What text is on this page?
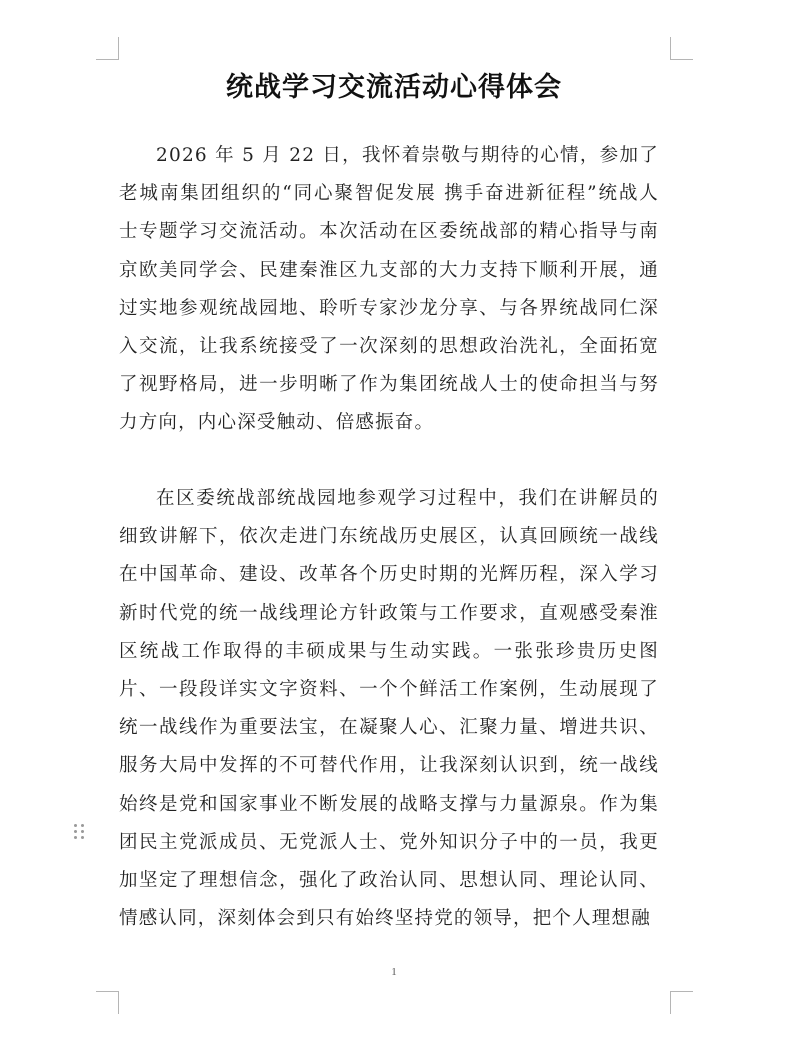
统战学习交流活动心得体会

2026 年 5 月 22 日，我怀着崇敬与期待的心情，参加了老城南集团组织的“同心聚智促发展 携手奋进新征程”统战人士专题学习交流活动。本次活动在区委统战部的精心指导与南京欧美同学会、民建秦淮区九支部的大力支持下顺利开展，通过实地参观统战园地、聆听专家沙龙分享、与各界统战同仁深入交流，让我系统接受了一次深刻的思想政治洗礼，全面拓宽了视野格局，进一步明晰了作为集团统战人士的使命担当与努力方向，内心深受触动、倍感振奋。

在区委统战部统战园地参观学习过程中，我们在讲解员的细致讲解下，依次走进门东统战历史展区，认真回顾统一战线在中国革命、建设、改革各个历史时期的光辉历程，深入学习新时代党的统一战线理论方针政策与工作要求，直观感受秦淮区统战工作取得的丰硕成果与生动实践。一张张珍贵历史图片、一段段详实文字资料、一个个鲜活工作案例，生动展现了统一战线作为重要法宝，在凝聚人心、汇聚力量、增进共识、服务大局中发挥的不可替代作用，让我深刻认识到，统一战线始终是党和国家事业不断发展的战略支撑与力量源泉。作为集团民主党派成员、无党派人士、党外知识分子中的一员，我更加坚定了理想信念，强化了政治认同、思想认同、理论认同、情感认同，深刻体会到只有始终坚持党的领导，把个人理想融

1
